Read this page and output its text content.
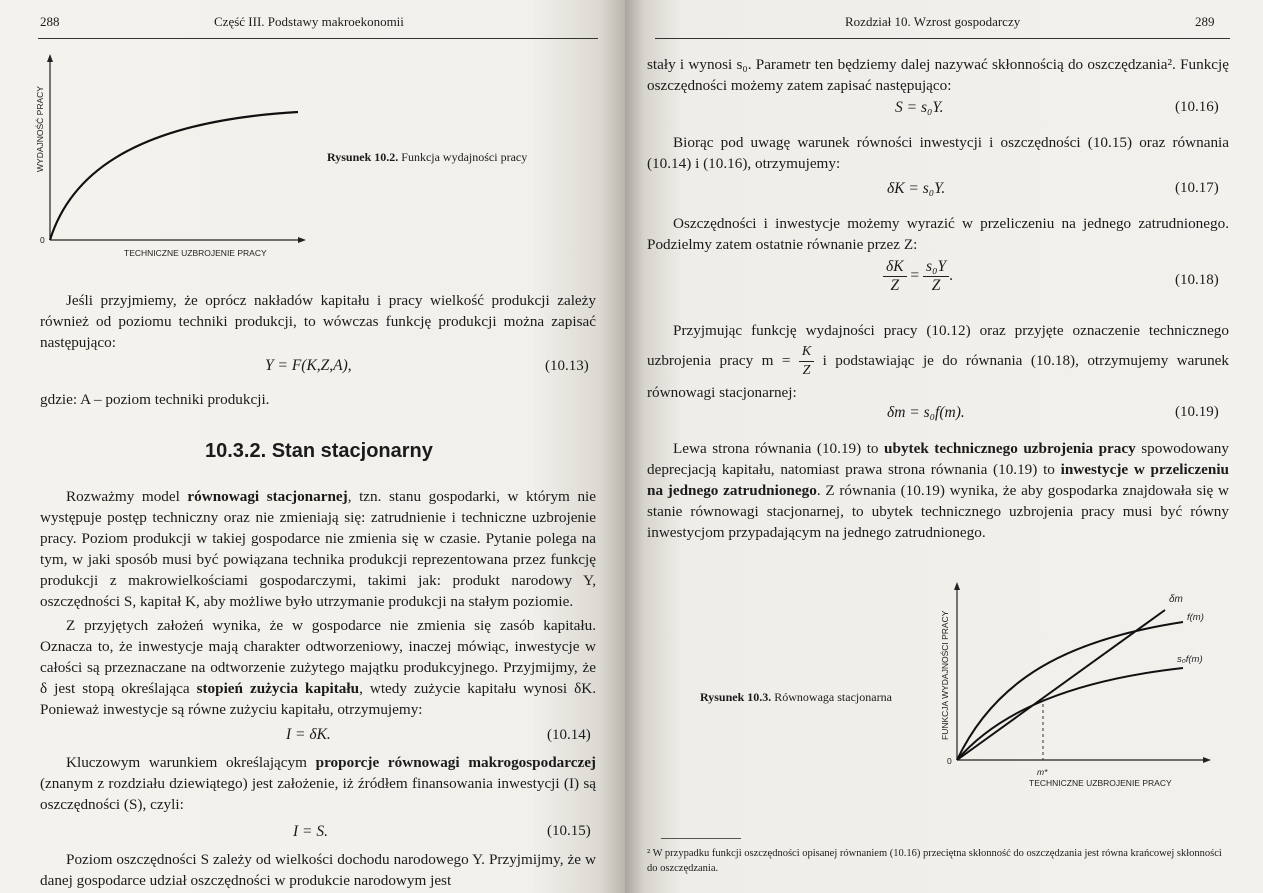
288	Część III. Podstawy makroekonomii
0
WYDAJNOŚĆ PRACY
TECHNICZNE UZBROJENIE PRACY
Rysunek 10.2. Funkcja wydajności pracy
Jeśli przyjmiemy, że oprócz nakładów kapitału i pracy wielkość produkcji zależy również od poziomu techniki produkcji, to wówczas funkcję produkcji można zapisać następująco:
Y = F(K,Z,A),	(10.13)
gdzie: A – poziom techniki produkcji.
10.3.2. Stan stacjonarny
Rozważmy model równowagi stacjonarnej, tzn. stanu gospodarki, w którym nie występuje postęp techniczny oraz nie zmieniają się: zatrudnienie i techniczne uzbrojenie pracy. Poziom produkcji w takiej gospodarce nie zmienia się w czasie. Pytanie polega na tym, w jaki sposób musi być powiązana technika produkcji reprezentowana przez funkcję produkcji z makrowielkościami gospodarczymi, takimi jak: produkt narodowy Y, oszczędności S, kapitał K, aby możliwe było utrzymanie produkcji na stałym poziomie.
Z przyjętych założeń wynika, że w gospodarce nie zmienia się zasób kapitału. Oznacza to, że inwestycje mają charakter odtworzeniowy, inaczej mówiąc, inwestycje w całości są przeznaczane na odtworzenie zużytego majątku produkcyjnego. Przyjmijmy, że δ jest stopą określająca stopień zużycia kapitału, wtedy zużycie kapitału wynosi δK. Ponieważ inwestycje są równe zużyciu kapitału, otrzymujemy:
I = δK.	(10.14)
Kluczowym warunkiem określającym proporcje równowagi makrogospodarczej (znanym z rozdziału dziewiątego) jest założenie, iż źródłem finansowania inwestycji (I) są oszczędności (S), czyli:
I = S.	(10.15)
Poziom oszczędności S zależy od wielkości dochodu narodowego Y. Przyjmijmy, że w danej gospodarce udział oszczędności w produkcie narodowym jest
Rozdział 10. Wzrost gospodarczy	289
stały i wynosi s₀. Parametr ten będziemy dalej nazywać skłonnością do oszczędzania². Funkcję oszczędności możemy zatem zapisać następująco:
S = s₀Y.	(10.16)
Biorąc pod uwagę warunek równości inwestycji i oszczędności (10.15) oraz równania (10.14) i (10.16), otrzymujemy:
δK = s₀Y.	(10.17)
Oszczędności i inwestycje możemy wyrazić w przeliczeniu na jednego zatrudnionego. Podzielmy zatem ostatnie równanie przez Z:
$\frac{\delta K}{Z} = \frac{\text{s₀Y}}{Z}$ .	(10.18)
Przyjmując funkcję wydajności pracy (10.12) oraz przyjęte oznaczenie technicznego uzbrojenia pracy $m = \frac{K}{Z}$ i podstawiając je do równania (10.18), otrzymujemy warunek równowagi stacjonarnej:
δm = s₀f(m).	(10.19)
Lewa strona równania (10.19) to ubytek technicznego uzbrojenia pracy spowodowany deprecjacją kapitału, natomiast prawa strona równania (10.19) to inwestycje w przeliczeniu na jednego zatrudnionego. Z równania (10.19) wynika, że aby gospodarka znajdowała się w stanie równowagi stacjonarnej, to ubytek technicznego uzbrojenia pracy musi być równy inwestycjom przypadającym na jednego zatrudnionego.
Rysunek 10.3. Równowaga stacjonarna
0
FUNKCJA WYDAJNOŚCI PRACY
m*
TECHNICZNE UZBROJENIE PRACY
δm
f(m)
s₀f(m)
² W przypadku funkcji oszczędności opisanej równaniem (10.16) przeciętna skłonność do oszczędzania jest równa krańcowej skłonności do oszczędzania.
